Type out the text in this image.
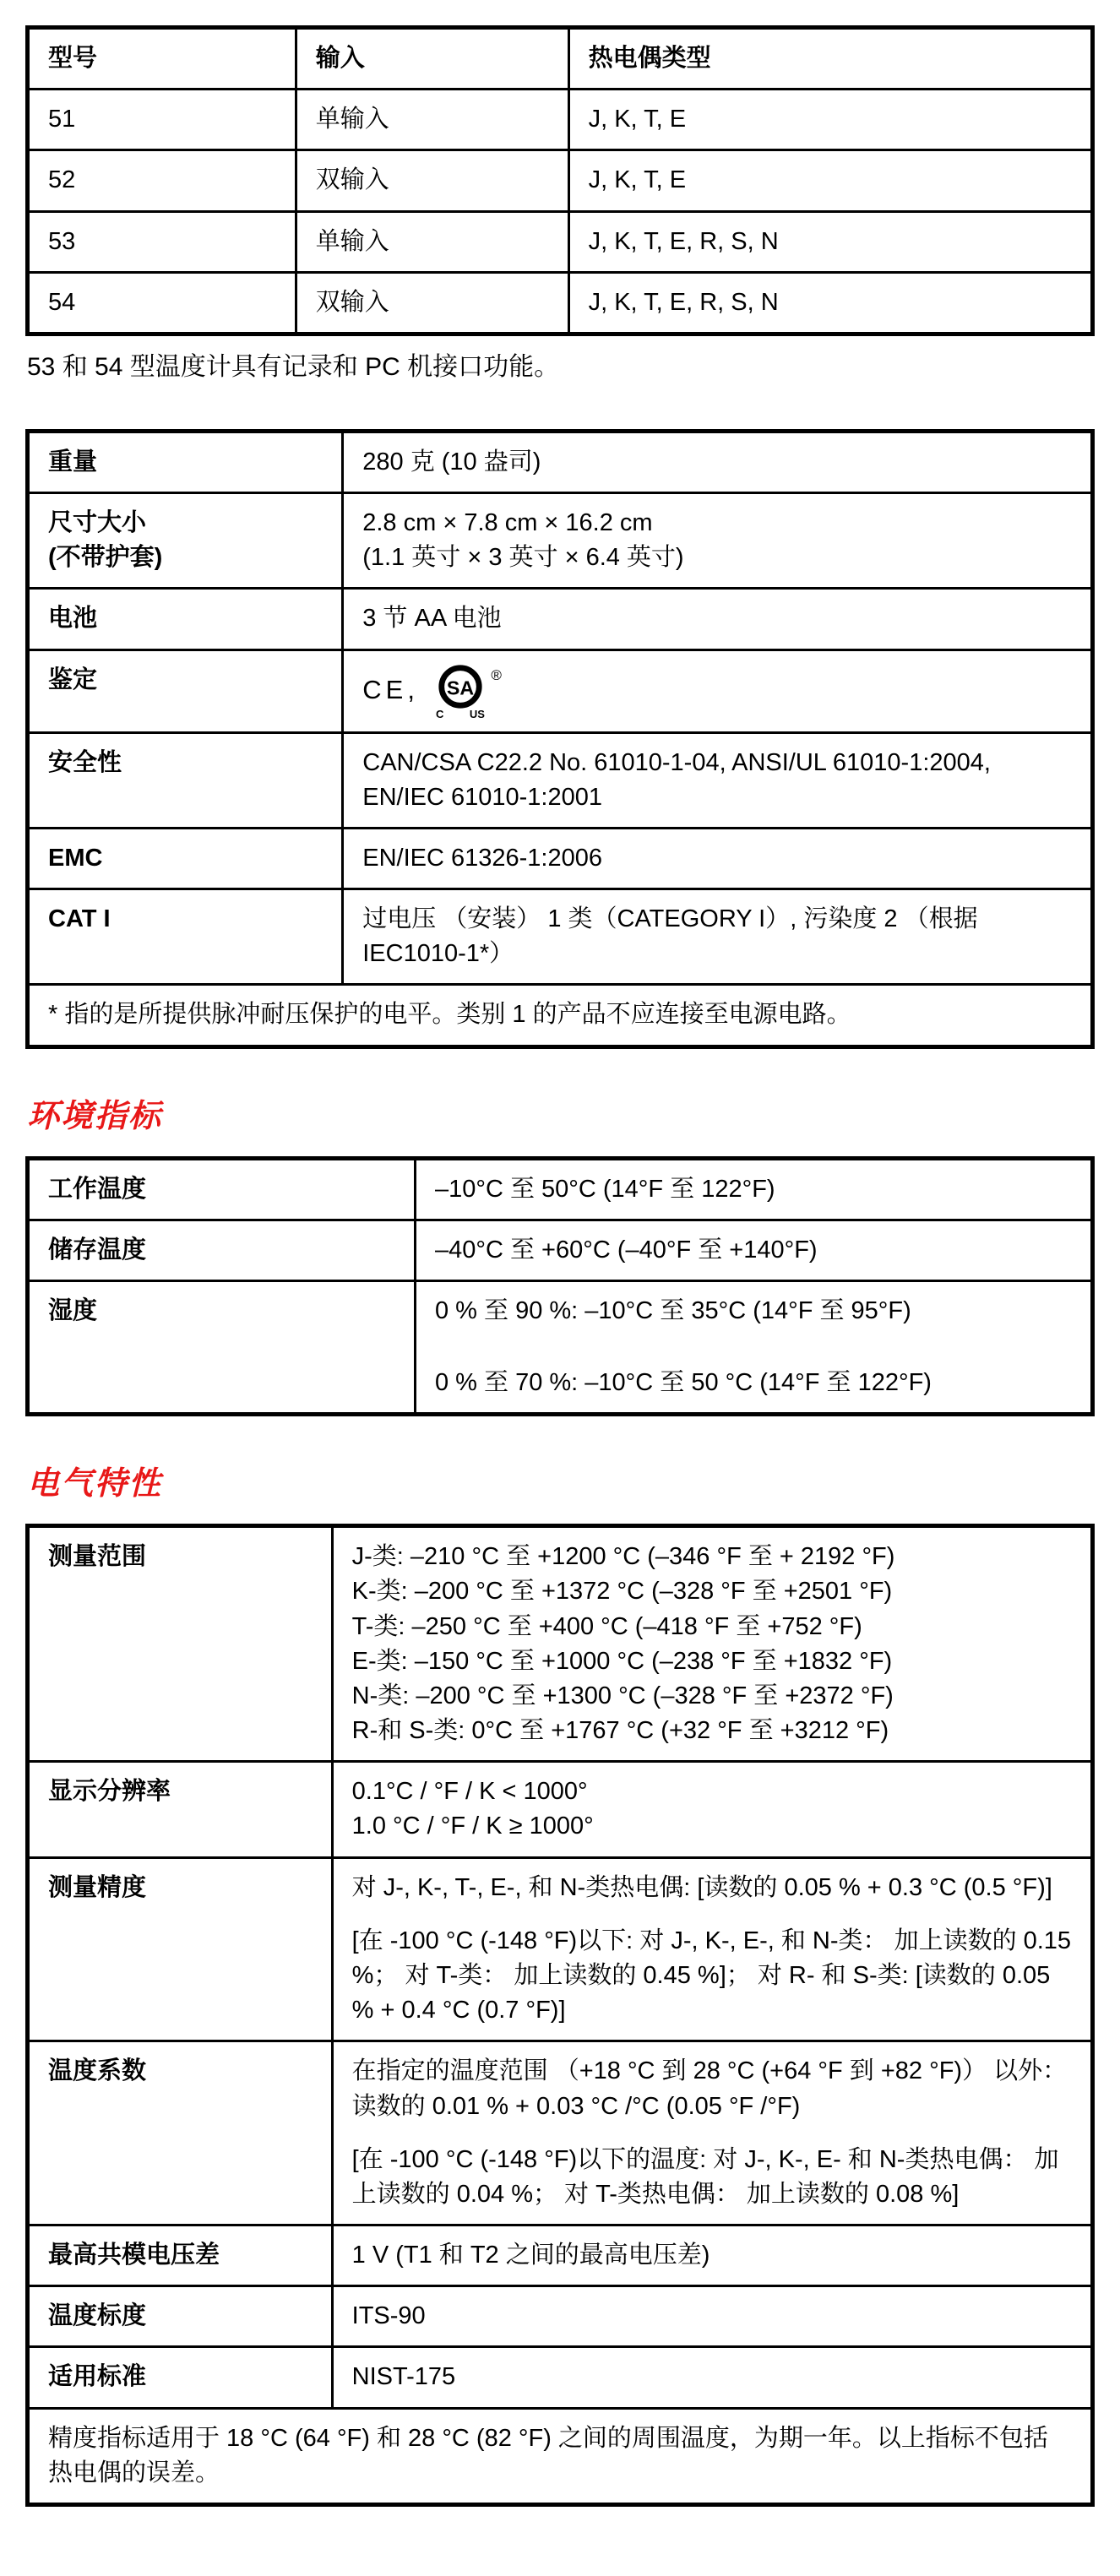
型号	输入	热电偶类型
51	单输入	J, K, T, E
52	双输入	J, K, T, E
53	单输入	J, K, T, E, R, S, N
54	双输入	J, K, T, E, R, S, N

53 和 54 型温度计具有记录和 PC 机接口功能。

重量	280 克 (10 盎司)

尺寸大小
(不带护套)	2.8 cm × 7.8 cm × 16.2 cm
(1.1 英寸 × 3 英寸 × 6.4 英寸)

电池	3 节 AA 电池
鉴定	CE, SA
®
C US

安全性	CAN/CSA C22.2 No. 61010-1-04, ANSI/UL 61010-1:2004, EN/IEC 61010-1:2001
EMC	EN/IEC 61326-1:2006
CAT I	过电压 （安装） 1 类（CATEGORY I）, 污染度 2 （根据 IEC1010-1*）
* 指的是所提供脉冲耐压保护的电平。类别 1 的产品不应连接至电源电路。	
环境指标
工作温度	–10°C 至 50°C (14°F 至 122°F)
储存温度	–40°C 至 +60°C (–40°F 至 +140°F)
湿度	0 % 至 90 %: –10°C 至 35°C (14°F 至 95°F)
0 % 至 70 %: –10°C 至 50 °C (14°F 至 122°F)
电气特性
测量范围	J-类: –210 °C 至 +1200 °C (–346 °F 至 + 2192 °F)
K-类: –200 °C 至 +1372 °C (–328 °F 至 +2501 °F)
T-类: –250 °C 至 +400 °C (–418 °F 至 +752 °F)
E-类: –150 °C 至 +1000 °C (–238 °F 至 +1832 °F)
N-类: –200 °C 至 +1300 °C (–328 °F 至 +2372 °F)
R-和 S-类: 0°C 至 +1767 °C (+32 °F 至 +3212 °F)

显示分辨率	0.1°C / °F / K < 1000°
1.0 °C / °F / K ≥ 1000°

测量精度	对 J-, K-, T-, E-, 和 N-类热电偶: [读数的 0.05 % + 0.3 °C (0.5 °F)]
[在 -100 °C (-148 °F)以下: 对 J-, K-, E-, 和 N-类： 加上读数的 0.15 %； 对 T-类： 加上读数的 0.45 %]； 对 R- 和 S-类: [读数的 0.05 % + 0.4 °C (0.7 °F)]

温度系数	在指定的温度范围 （+18 °C 到 28 °C (+64 °F 到 +82 °F)） 以外： 读数的 0.01 % + 0.03 °C /°C (0.05 °F /°F)
[在 -100 °C (-148 °F)以下的温度: 对 J-, K-, E- 和 N-类热电偶： 加上读数的 0.04 %； 对 T-类热电偶： 加上读数的 0.08 %]

最高共模电压差	1 V (T1 和 T2 之间的最高电压差)
温度标度	ITS-90
适用标准	NIST-175
精度指标适用于 18 °C (64 °F) 和 28 °C (82 °F) 之间的周围温度，为期一年。以上指标不包括热电偶的误差。	
